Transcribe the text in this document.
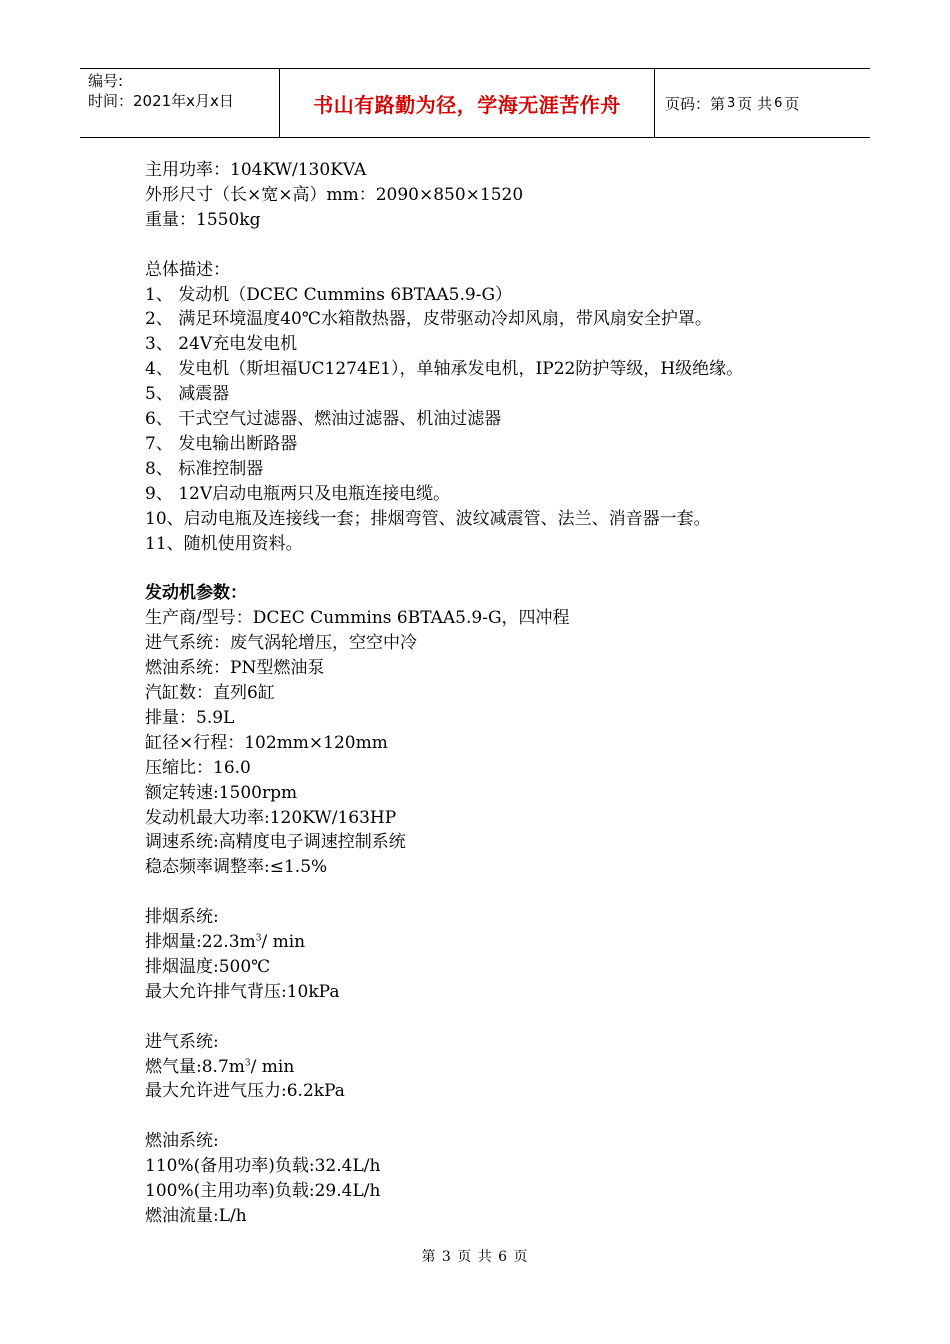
编号:
时间：2021年x月x日	书山有路勤为径，学海无涯苦作舟	页码：第 3 页 共 6 页
主用功率：104KW/130KVA
外形尺寸（长×宽×高）mm：2090×850×1520
重量：1550kg
总体描述：
1、 发动机（DCEC Cummins 6BTAA5.9-G）
2、 满足环境温度40℃水箱散热器，皮带驱动冷却风扇，带风扇安全护罩。
3、 24V充电发电机
4、 发电机（斯坦福UC1274E1），单轴承发电机，IP22防护等级，H级绝缘。
5、 减震器
6、 干式空气过滤器、燃油过滤器、机油过滤器
7、 发电输出断路器
8、 标准控制器
9、 12V启动电瓶两只及电瓶连接电缆。
10、启动电瓶及连接线一套；排烟弯管、波纹减震管、法兰、消音器一套。
11、随机使用资料。
发动机参数：
生产商/型号：DCEC Cummins 6BTAA5.9-G，四冲程
进气系统：废气涡轮增压，空空中冷
燃油系统：PN型燃油泵
汽缸数：直列6缸
排量：5.9L
缸径×行程：102mm×120mm
压缩比：16.0
额定转速:1500rpm
发动机最大功率:120KW/163HP
调速系统:高精度电子调速控制系统
稳态频率调整率:≤1.5%
排烟系统:
排烟量$:22.3m^3/$ min
排烟温度:500℃
最大允许排气背压:10kPa
进气系统:
燃气量$:8.7m^3/$ min
最大允许进气压力:6.2kPa
燃油系统:
110%(备用功率)负载:32.4L/h
100%(主用功率)负载:29.4L/h
燃油流量:L/h
第 3 页 共 6 页
